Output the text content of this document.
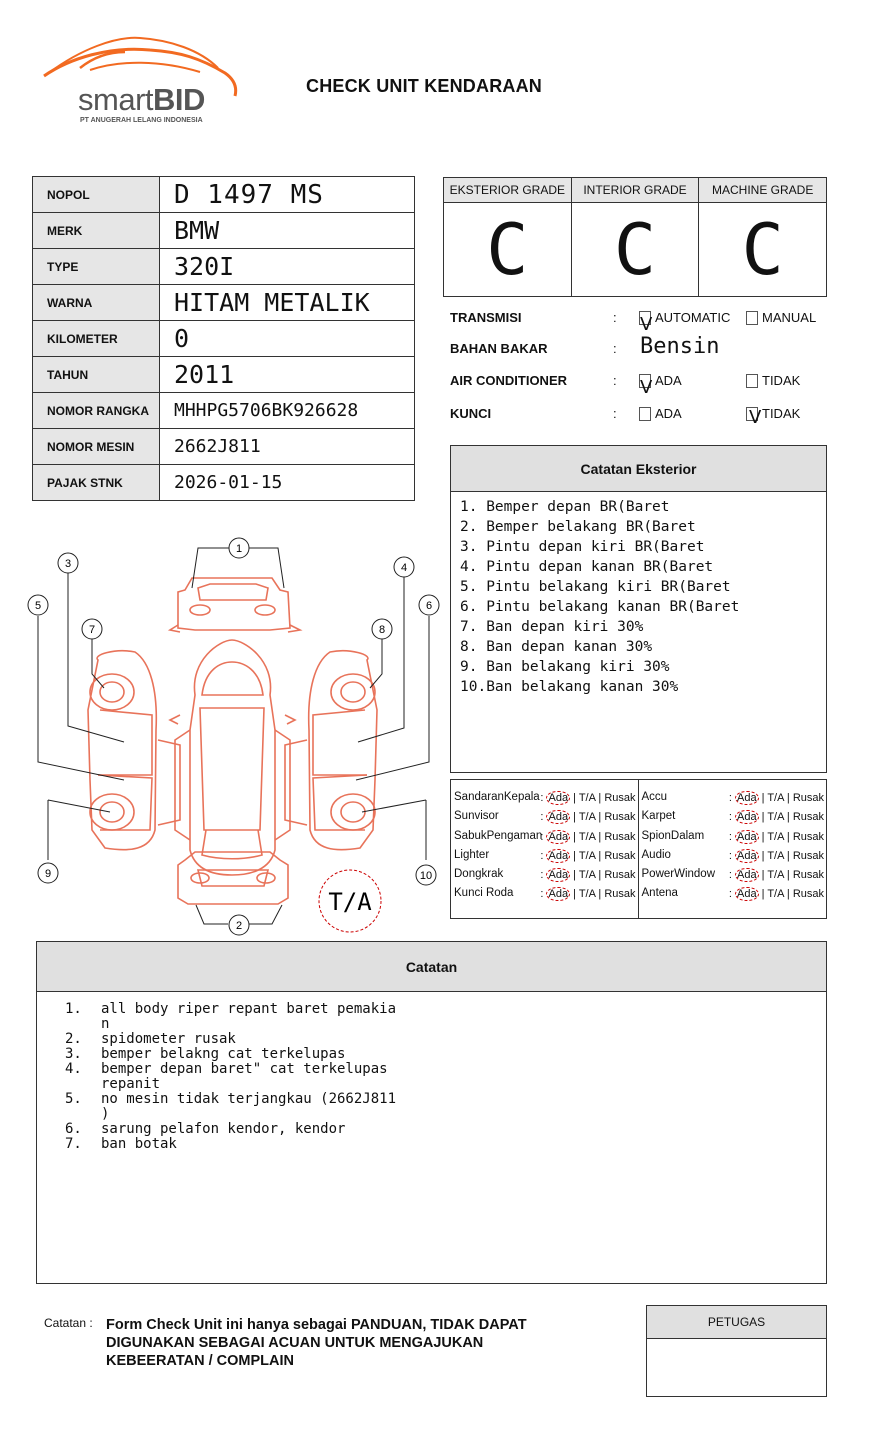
smartBID
PT ANUGERAH LELANG INDONESIA
CHECK UNIT KENDARAAN
NOPOL	D 1497 MS
MERK	BMW
TYPE	320I
WARNA	HITAM METALIK
KILOMETER	0
TAHUN	2011
NOMOR RANGKA	MHHPG5706BK926628
NOMOR MESIN	2662J811
PAJAK STNK	2026-01-15
EKSTERIOR GRADE
C
INTERIOR GRADE
C
MACHINE GRADE
C
TRANSMISI	: V AUTOMATIC MANUAL
BAHAN BAKAR	: Bensin
AIR CONDITIONER	: V ADA	TIDAK
KUNCI	:	ADA	V TIDAK
Catatan Eksterior
1. Bemper depan BR(Baret
2. Bemper belakang BR(Baret
3. Pintu depan kiri BR(Baret
4. Pintu depan kanan BR(Baret
5. Pintu belakang kiri BR(Baret
6. Pintu belakang kanan BR(Baret
7. Ban depan kiri 30%
8. Ban depan kanan 30%
9. Ban belakang kiri 30%
10.Ban belakang kanan 30%
SandaranKepala : Ada | T/A | Rusak
Sunvisor	: Ada | T/A | Rusak
SabukPengaman
: Ada | T/A | Rusak
Lighter	: Ada | T/A | Rusak
Dongkrak	: Ada | T/A | Rusak
Kunci Roda : Ada | T/A | Rusak
Accu	: Ada | T/A | Rusak
Karpet	: Ada | T/A | Rusak
SpionDalam : Ada | T/A | Rusak
Audio	: Ada | T/A | Rusak
PowerWindow : Ada | T/A | Rusak
Antena	: Ada | T/A | Rusak
1
2
3	4
5	6
7	8
9	10
T/A
Catatan
1.	all body riper repant baret pemakia
n
2.	spidometer rusak
3.	bemper belakng cat terkelupas
4.	bemper depan baret" cat terkelupas
repanit
5.	no mesin tidak terjangkau (2662J811
)
6.	sarung pelafon kendor, kendor
7.	ban botak
Catatan : Form Check Unit ini hanya sebagai PANDUAN, TIDAK DAPAT DIGUNAKAN SEBAGAI ACUAN UNTUK MENGAJUKAN KEBEERATAN / COMPLAIN
PETUGAS
